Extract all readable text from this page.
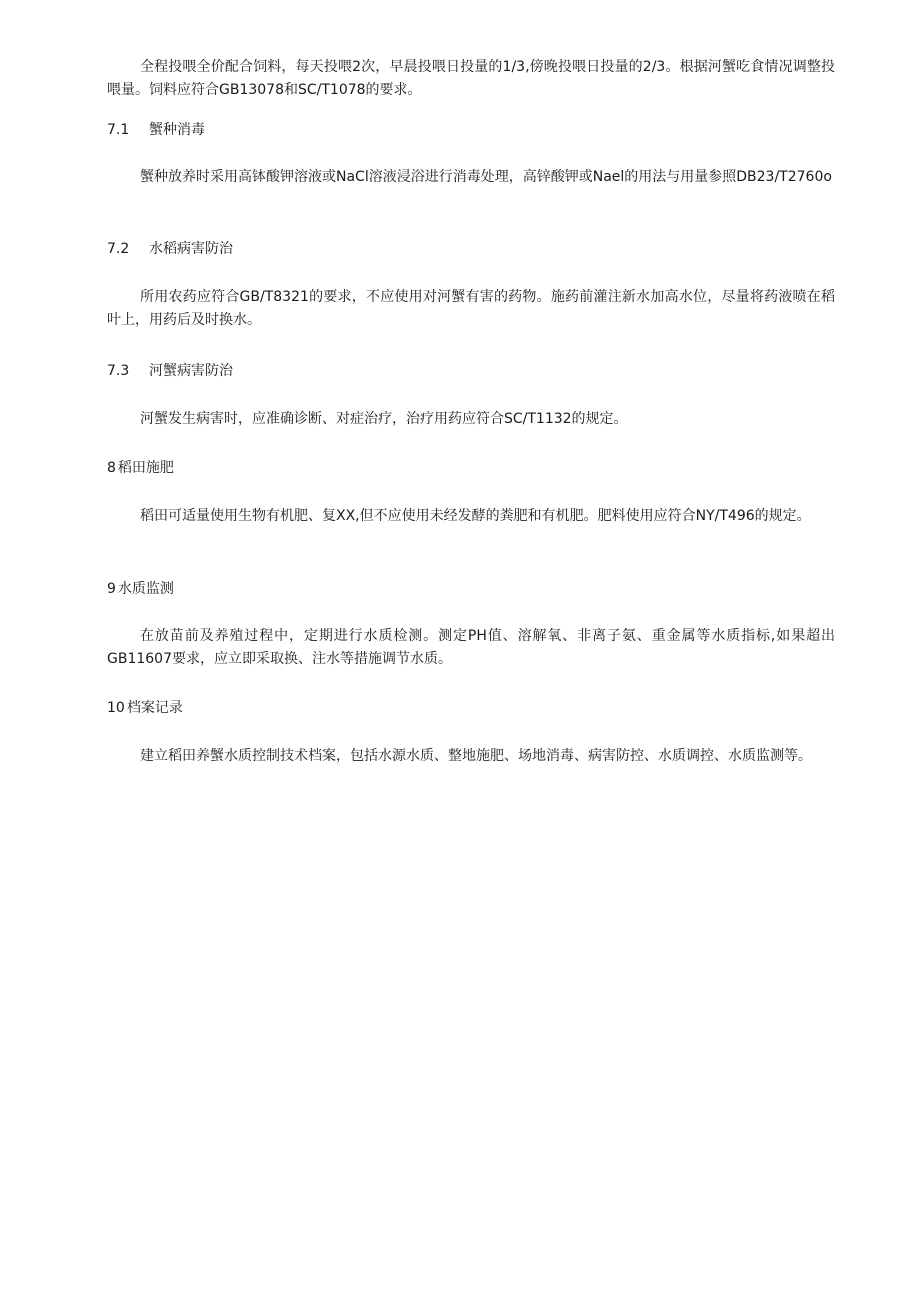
全程投喂全价配合饲料，每天投喂2次，早晨投喂日投量的1/3,傍晚投喂日投量的2/3。根据河蟹吃食情况调整投喂量。饲料应符合GB13078和SC/T1078的要求。

7.1 蟹种消毒

蟹种放养时采用高钵酸钾溶液或NaCl溶液浸浴进行消毒处理，高锌酸钾或Nael的用法与用量参照DB23/T2760o

7.2 水稻病害防治

所用农药应符合GB/T8321的要求，不应使用对河蟹有害的药物。施药前灌注新水加高水位，尽量将药液喷在稻叶上，用药后及时换水。

7.3 河蟹病害防治

河蟹发生病害时，应准确诊断、对症治疗，治疗用药应符合SC/T1132的规定。

8 稻田施肥

稻田可适量使用生物有机肥、复XX,但不应使用未经发酵的粪肥和有机肥。肥料使用应符合NY/T496的规定。

9 水质监测

在放苗前及养殖过程中，定期进行水质检测。测定PH值、溶解氧、非离子氨、重金属等水质指标,如果超出GB11607要求，应立即采取换、注水等措施调节水质。

10 档案记录

建立稻田养蟹水质控制技术档案，包括水源水质、整地施肥、场地消毒、病害防控、水质调控、水质监测等。
